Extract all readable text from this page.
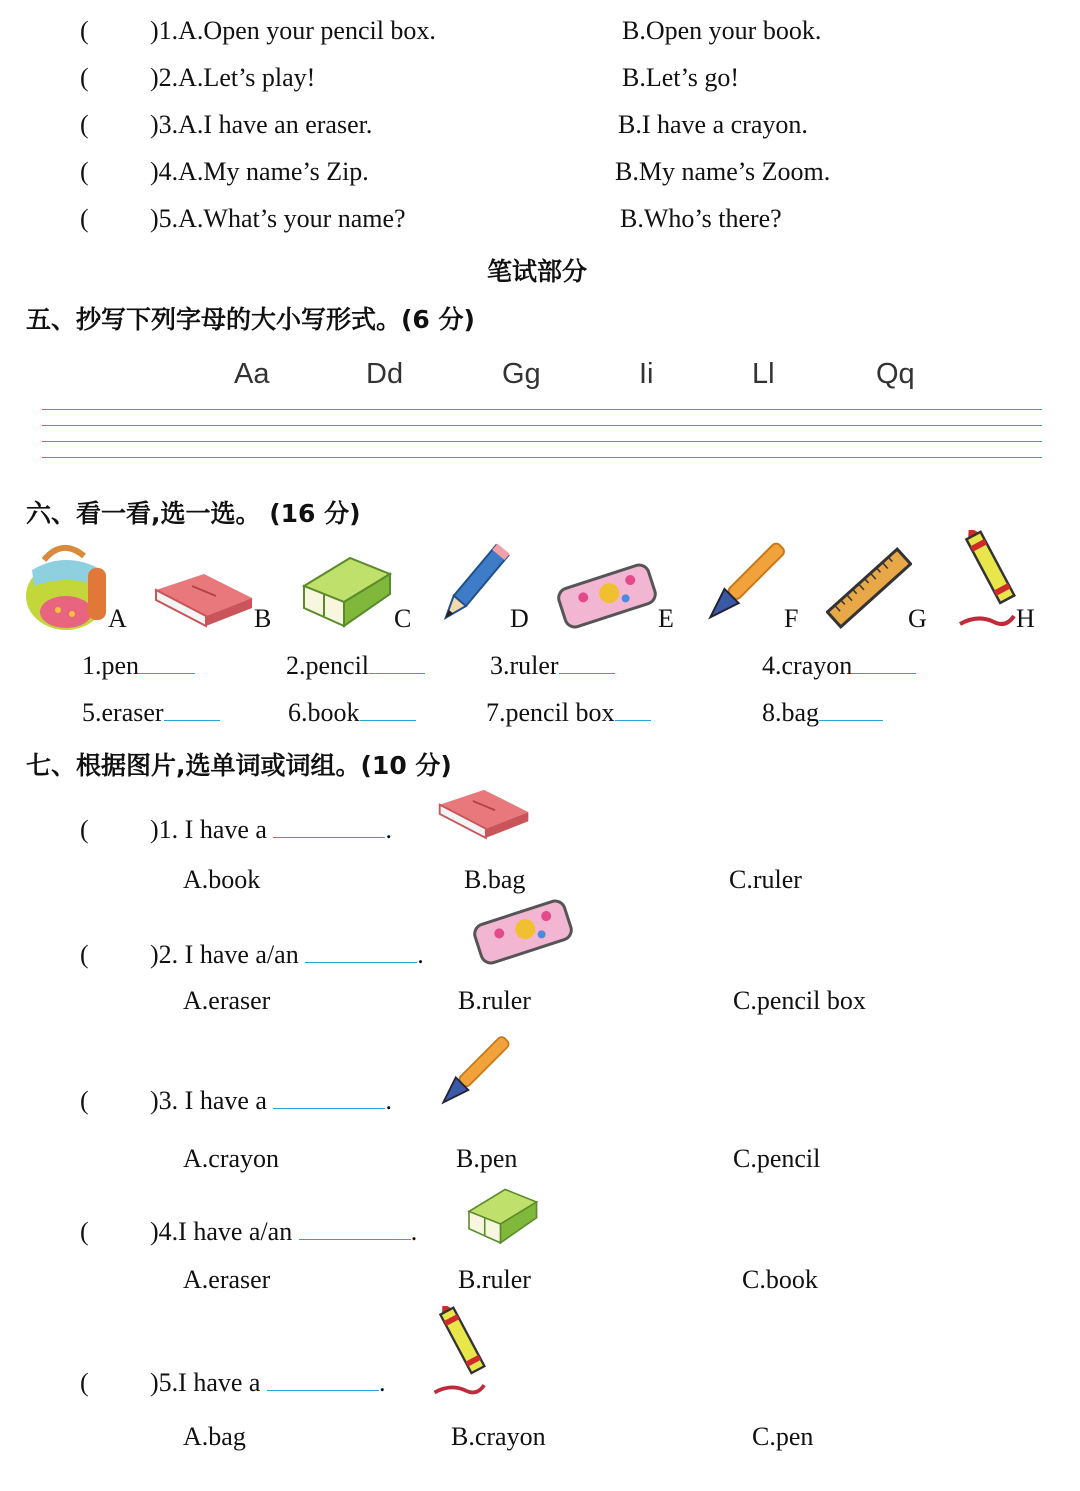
( )1.A.Open your pencil box.	B.Open your book.
( )2.A.Let’s play!	B.Let’s go!
( )3.A.I have an eraser.	B.I have a crayon.
( )4.A.My name’s Zip.	B.My name’s Zoom.
( )5.A.What’s your name?	B.Who’s there?
笔试部分
五、抄写下列字母的大小写形式。(6 分)
Aa	Dd	Gg	Ii	Ll	Qq
六、看一看,选一选。 (16 分)
A	B	C	D	E	F	G	H
1.pen	2.pencil	3.ruler	4.crayon
5.eraser	6.book	7.pencil box	8.bag
七、根据图片,选单词或词组。(10 分)
( )1. I have a	.
A.book	B.bag	C.ruler
( )2. I have a/an	.
A.eraser	B.ruler	C.pencil box
( )3. I have a	.
A.crayon	B.pen	C.pencil
( )4.I have a/an	.
A.eraser	B.ruler	C.book
( )5.I have a	.
A.bag	B.crayon	C.pen
